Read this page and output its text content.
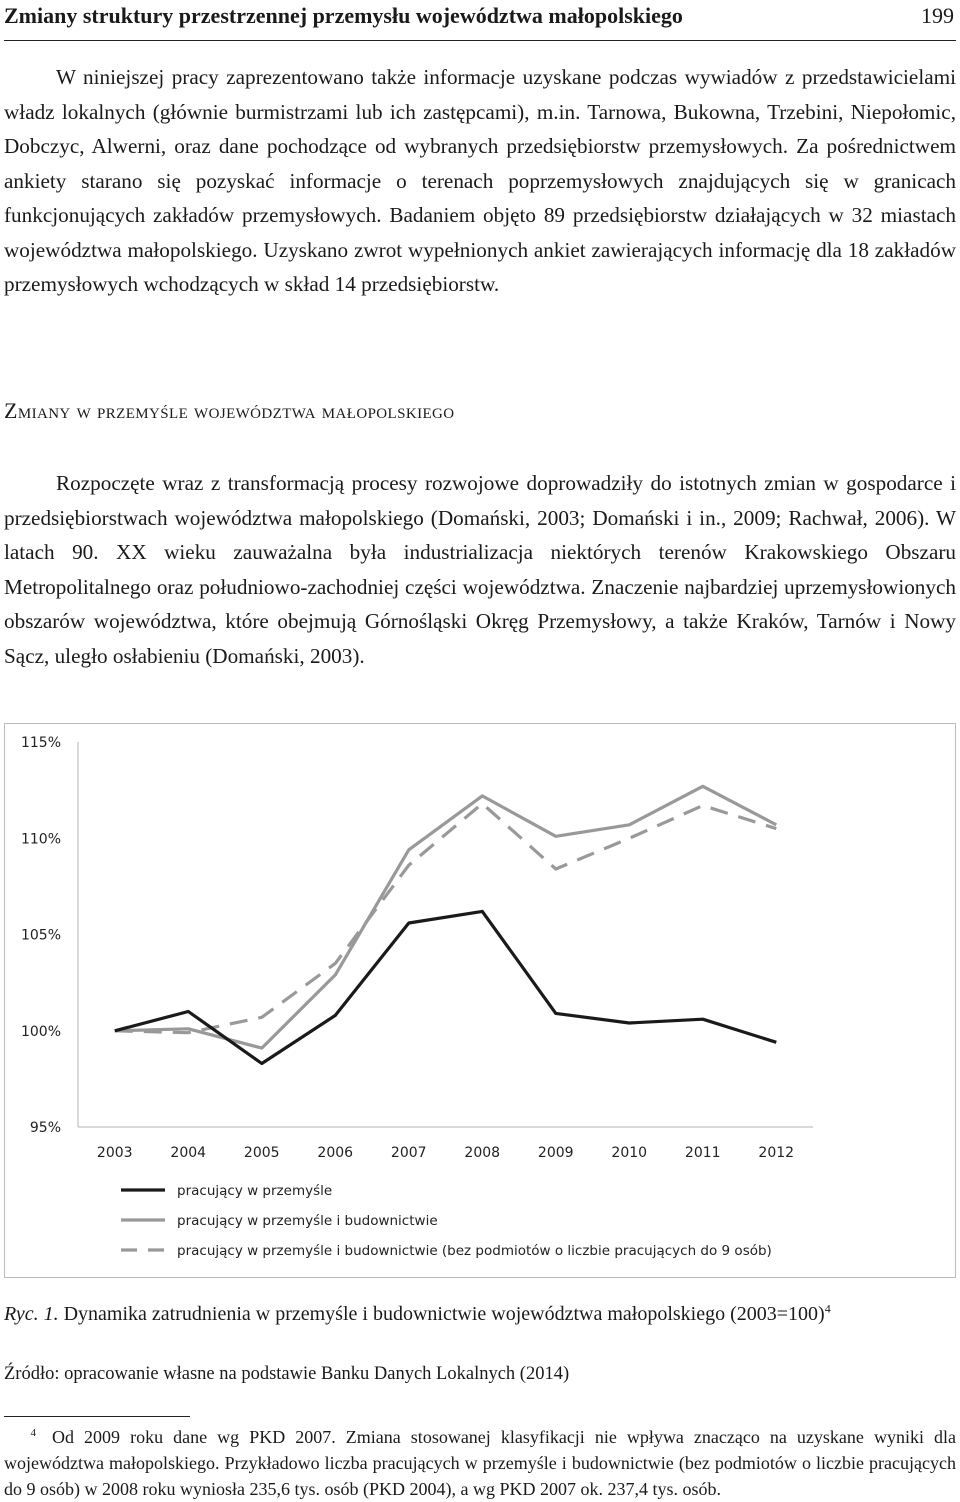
Zmiany struktury przestrzennej przemysłu województwa małopolskiego	199

W niniejszej pracy zaprezentowano także informacje uzyskane podczas wywiadów z przedstawicielami władz lokalnych (głównie burmistrzami lub ich zastępcami), m.in. Tarnowa, Bukowna, Trzebini, Niepołomic, Dobczyc, Alwerni, oraz dane pochodzące od wybranych przedsiębiorstw przemysłowych. Za pośrednictwem ankiety starano się pozyskać informacje o terenach poprzemysłowych znajdujących się w granicach funkcjonujących zakładów przemysłowych. Badaniem objęto 89 przedsiębiorstw działających w 32 miastach województwa małopolskiego. Uzyskano zwrot wypełnionych ankiet zawierających informację dla 18 zakładów przemysłowych wchodzących w skład 14 przedsiębiorstw.

Zmiany w przemyśle województwa małopolskiego

Rozpoczęte wraz z transformacją procesy rozwojowe doprowadziły do istotnych zmian w gospodarce i przedsiębiorstwach województwa małopolskiego (Domański, 2003; Domański i in., 2009; Rachwał, 2006). W latach 90. XX wieku zauważalna była industrializacja niektórych terenów Krakowskiego Obszaru Metropolitalnego oraz południowo-zachodniej części województwa. Znaczenie najbardziej uprzemysłowionych obszarów województwa, które obejmują Górnośląski Okręg Przemysłowy, a także Kraków, Tarnów i Nowy Sącz, uległo osłabieniu (Domański, 2003).

95%
100%
105%
110%
115%
2003	2004	2005	2006	2007	2008	2009	2010	2011	2012
pracujący w przemyśle
pracujący w przemyśle i budownictwie
pracujący w przemyśle i budownictwie (bez podmiotów o liczbie pracujących do 9 osób)

Ryc. 1. Dynamika zatrudnienia w przemyśle i budownictwie województwa małopolskiego (2003=100)$^4$

Źródło: opracowanie własne na podstawie Banku Danych Lokalnych (2014)

$^4$ Od 2009 roku dane wg PKD 2007. Zmiana stosowanej klasyfikacji nie wpływa znacząco na uzyskane wyniki dla województwa małopolskiego. Przykładowo liczba pracujących w przemyśle i budownictwie (bez podmiotów o liczbie pracujących do 9 osób) w 2008 roku wyniosła 235,6 tys. osób (PKD 2004), a wg PKD 2007 ok. 237,4 tys. osób.
